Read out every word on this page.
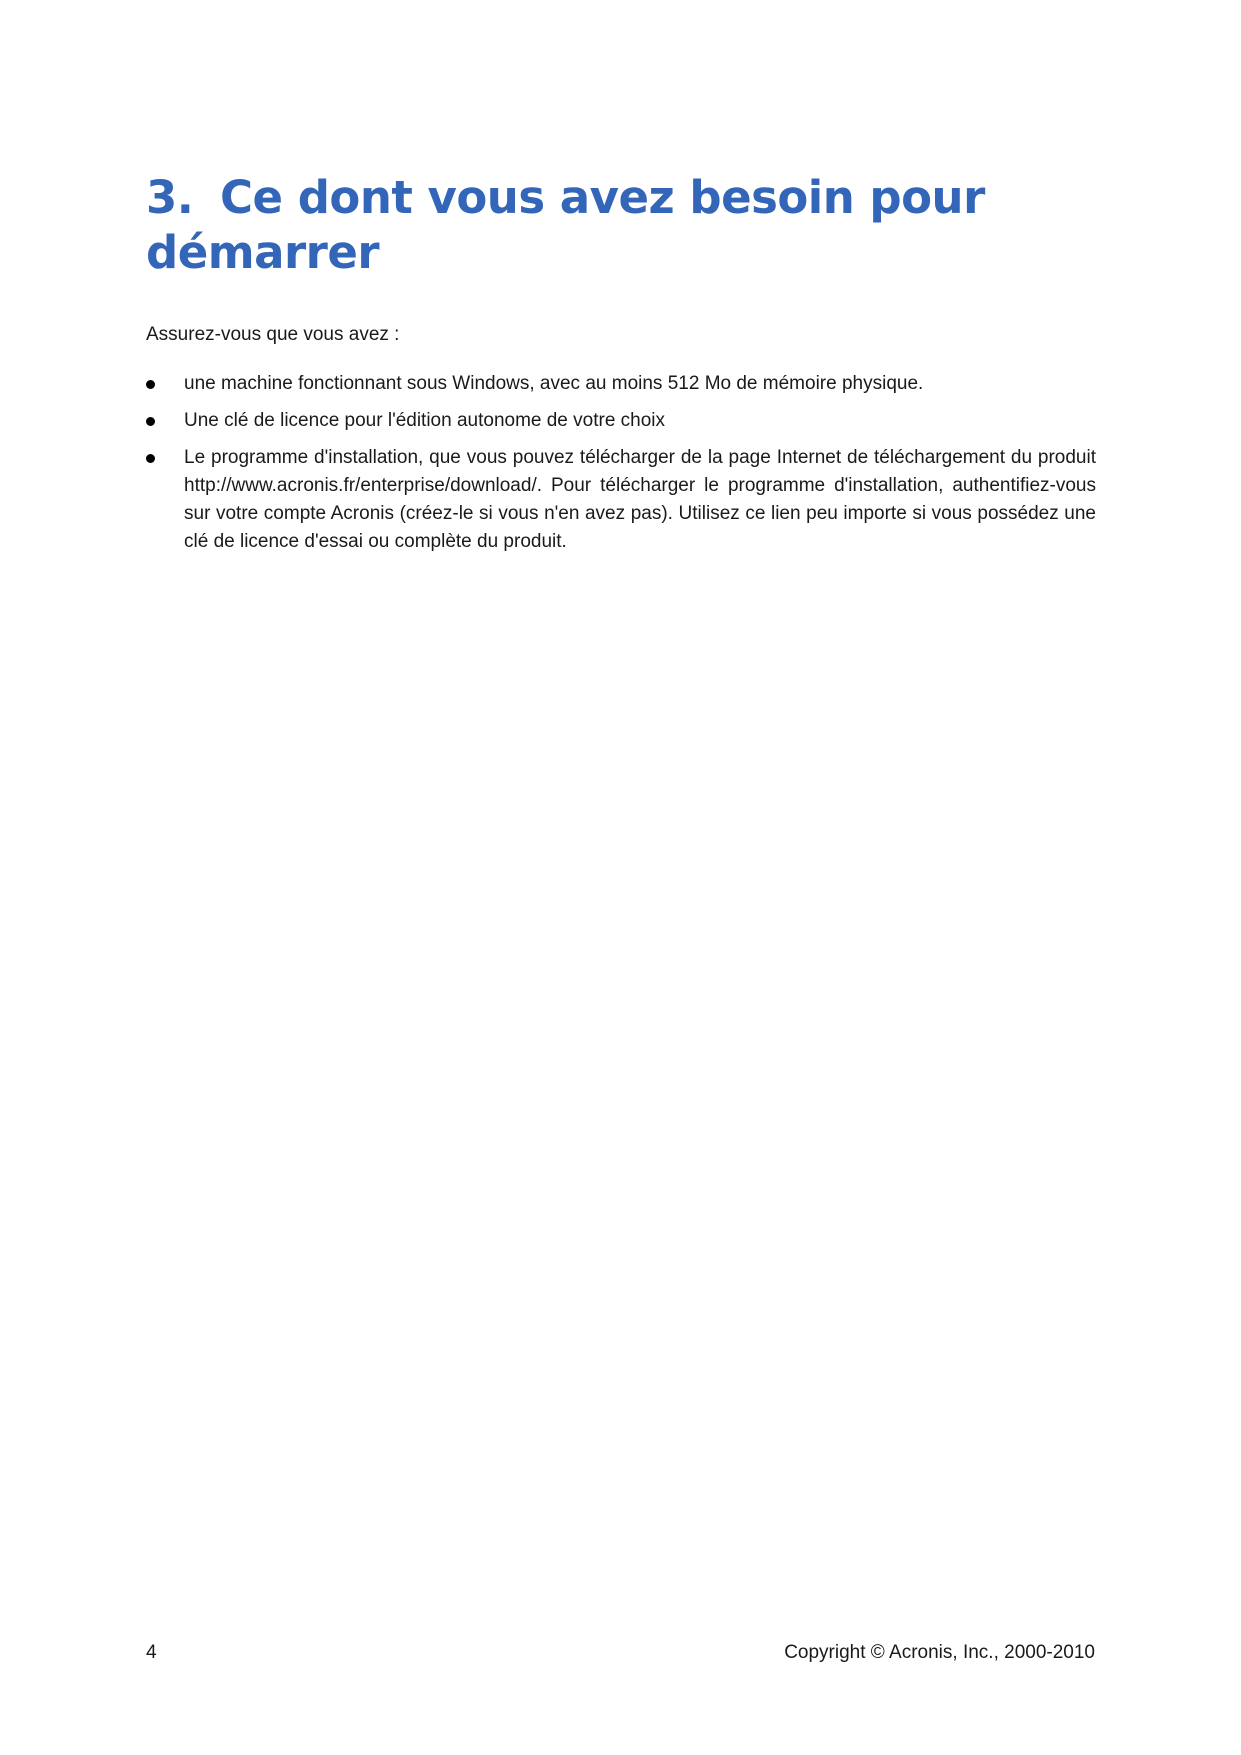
3. Ce dont vous avez besoin pour
démarrer

Assurez-vous que vous avez :

une machine fonctionnant sous Windows, avec au moins 512 Mo de mémoire physique.
Une clé de licence pour l'édition autonome de votre choix
Le programme d'installation, que vous pouvez télécharger de la page Internet de téléchargement du produit http://www.acronis.fr/enterprise/download/. Pour télécharger le programme d'installation, authentifiez-vous sur votre compte Acronis (créez-le si vous n'en avez pas). Utilisez ce lien peu importe si vous possédez une clé de licence d'essai ou complète du produit.
4	Copyright © Acronis, Inc., 2000-2010
